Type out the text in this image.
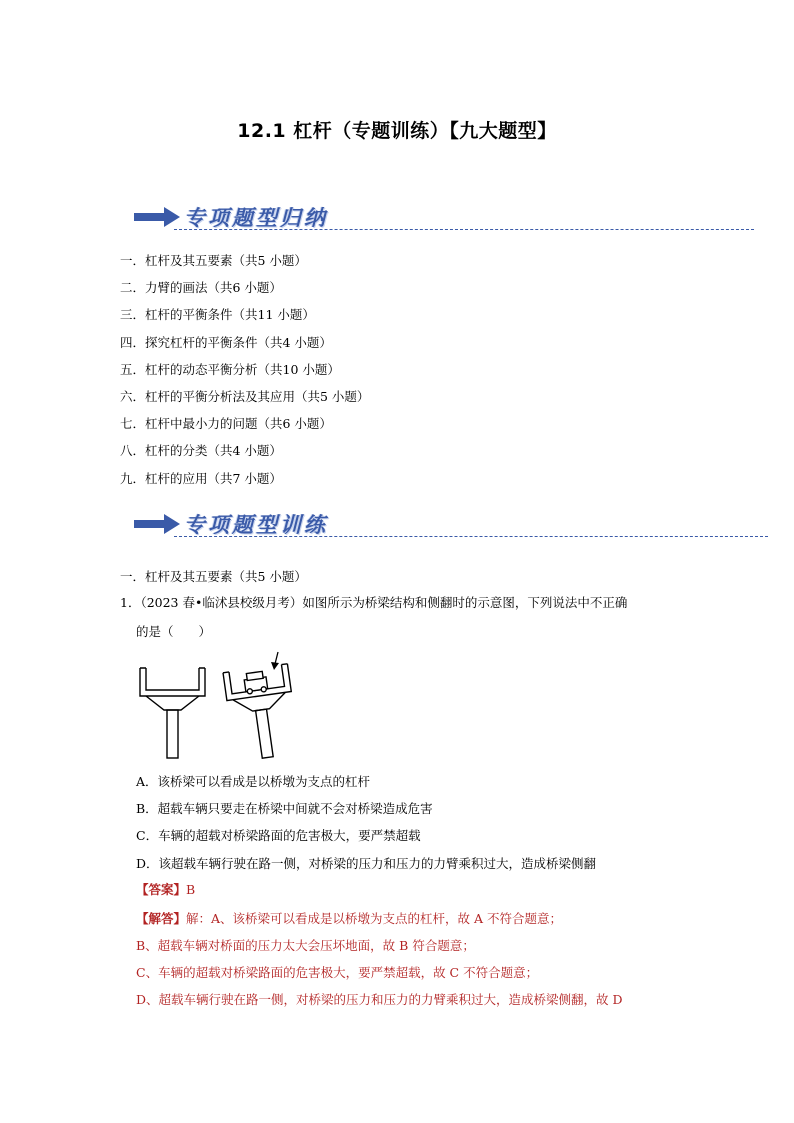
12.1 杠杆（专题训练）【九大题型】
专项题型归纳
一．杠杆及其五要素（共5 小题）
二．力臂的画法（共6 小题）
三．杠杆的平衡条件（共11 小题）
四．探究杠杆的平衡条件（共4 小题）
五．杠杆的动态平衡分析（共10 小题）
六．杠杆的平衡分析法及其应用（共5 小题）
七．杠杆中最小力的问题（共6 小题）
八．杠杆的分类（共4 小题）
九．杠杆的应用（共7 小题）
专项题型训练
一．杠杆及其五要素（共5 小题）
1．（2023 春•临沭县校级月考）如图所示为桥梁结构和侧翻时的示意图，下列说法中不正确
的是（　　）
A．该桥梁可以看成是以桥墩为支点的杠杆
B．超载车辆只要走在桥梁中间就不会对桥梁造成危害
C．车辆的超载对桥梁路面的危害极大，要严禁超载
D．该超载车辆行驶在路一侧，对桥梁的压力和压力的力臂乘积过大，造成桥梁侧翻
【答案】B
【解答】解：A、该桥梁可以看成是以桥墩为支点的杠杆，故 A 不符合题意；
B、超载车辆对桥面的压力太大会压坏地面，故 B 符合题意；
C、车辆的超载对桥梁路面的危害极大，要严禁超载，故 C 不符合题意；
D、超载车辆行驶在路一侧，对桥梁的压力和压力的力臂乘积过大，造成桥梁侧翻，故 D
